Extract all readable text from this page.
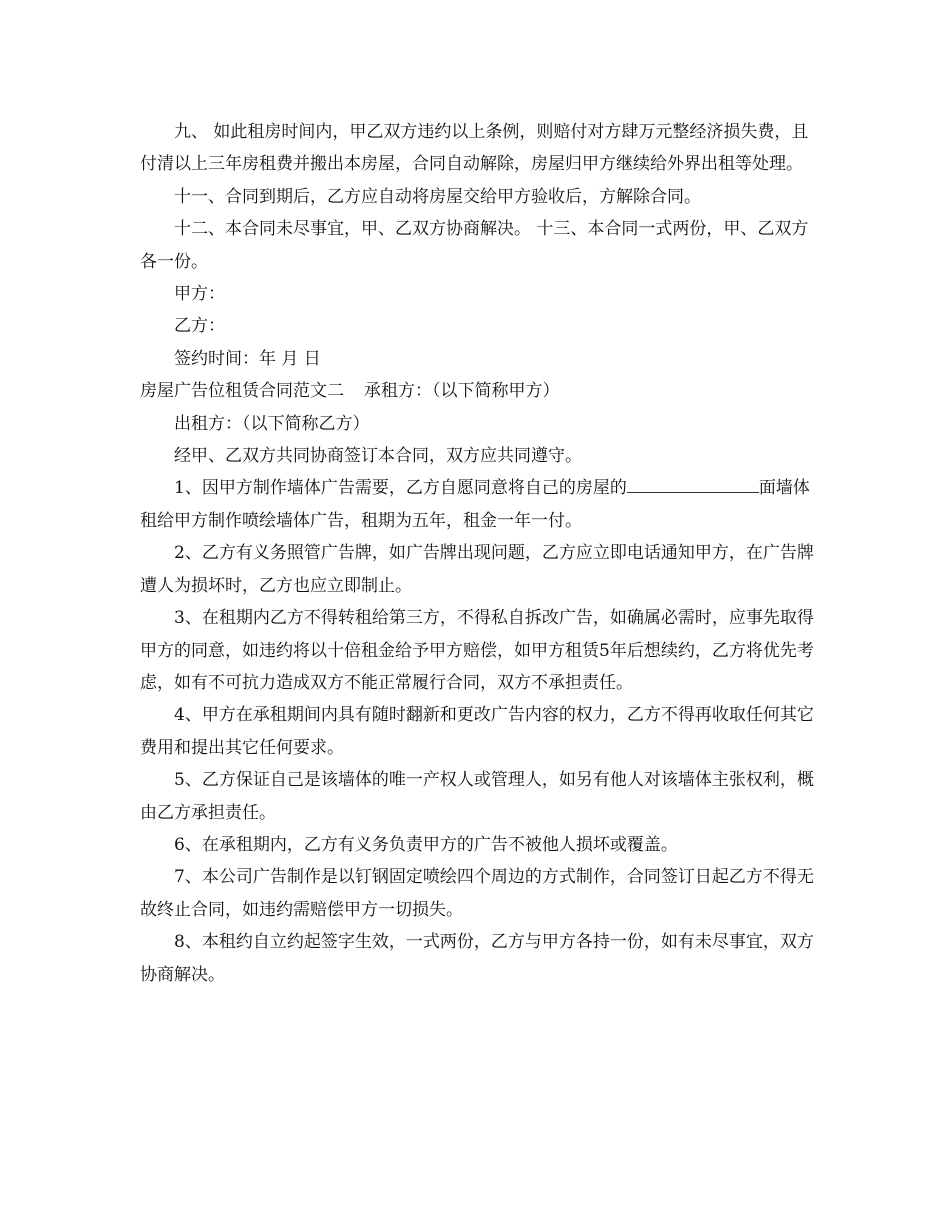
九、 如此租房时间内，甲乙双方违约以上条例，则赔付对方肆万元整经济损失费，且付清以上三年房租费并搬出本房屋，合同自动解除，房屋归甲方继续给外界出租等处理。

十一、合同到期后，乙方应自动将房屋交给甲方验收后，方解除合同。

十二、本合同未尽事宜，甲、乙双方协商解决。 十三、本合同一式两份，甲、乙双方各一份。

甲方：

乙方：

签约时间：年 月 日

房屋广告位租赁合同范文二 承租方：（以下简称甲方）

出租方：（以下简称乙方）

经甲、乙双方共同协商签订本合同，双方应共同遵守。

1、因甲方制作墙体广告需要，乙方自愿同意将自己的房屋的	面墙体租给甲方制作喷绘墙体广告，租期为五年，租金一年一付。

2、乙方有义务照管广告牌，如广告牌出现问题，乙方应立即电话通知甲方，在广告牌遭人为损坏时，乙方也应立即制止。

3、在租期内乙方不得转租给第三方，不得私自拆改广告，如确属必需时，应事先取得甲方的同意，如违约将以十倍租金给予甲方赔偿，如甲方租赁5年后想续约，乙方将优先考虑，如有不可抗力造成双方不能正常履行合同，双方不承担责任。

4、甲方在承租期间内具有随时翻新和更改广告内容的权力，乙方不得再收取任何其它费用和提出其它任何要求。

5、乙方保证自己是该墙体的唯一产权人或管理人，如另有他人对该墙体主张权利，概由乙方承担责任。

6、在承租期内，乙方有义务负责甲方的广告不被他人损坏或覆盖。

7、本公司广告制作是以钉钢固定喷绘四个周边的方式制作，合同签订日起乙方不得无故终止合同，如违约需赔偿甲方一切损失。

8、本租约自立约起签字生效，一式两份，乙方与甲方各持一份，如有未尽事宜，双方协商解决。
